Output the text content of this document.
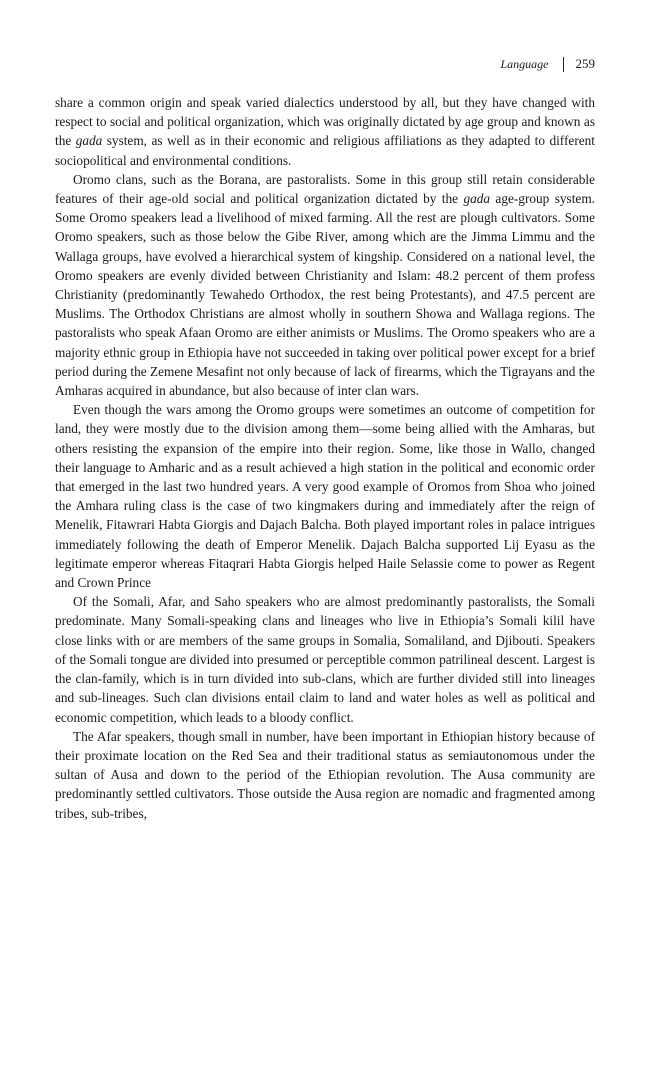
Language 259

share a common origin and speak varied dialectics understood by all, but they have changed with respect to social and political organization, which was originally dictated by age group and known as the gada system, as well as in their economic and religious affiliations as they adapted to different sociopolitical and environmental conditions.

Oromo clans, such as the Borana, are pastoralists. Some in this group still retain considerable features of their age-old social and political organization dictated by the gada age-group system. Some Oromo speakers lead a livelihood of mixed farming. All the rest are plough cultivators. Some Oromo speakers, such as those below the Gibe River, among which are the Jimma Limmu and the Wallaga groups, have evolved a hierarchical system of kingship. Considered on a national level, the Oromo speakers are evenly divided between Christianity and Islam: 48.2 percent of them profess Christianity (predominantly Tewahedo Orthodox, the rest being Protestants), and 47.5 percent are Muslims. The Orthodox Christians are almost wholly in southern Showa and Wallaga regions. The pastoralists who speak Afaan Oromo are either animists or Muslims. The Oromo speakers who are a majority ethnic group in Ethiopia have not succeeded in taking over political power except for a brief period during the Zemene Mesafint not only because of lack of firearms, which the Tigrayans and the Amharas acquired in abundance, but also because of inter clan wars.

Even though the wars among the Oromo groups were sometimes an outcome of competition for land, they were mostly due to the division among them—some being allied with the Amharas, but others resisting the expansion of the empire into their region. Some, like those in Wallo, changed their language to Amharic and as a result achieved a high station in the political and economic order that emerged in the last two hundred years. A very good example of Oromos from Shoa who joined the Amhara ruling class is the case of two kingmakers during and immediately after the reign of Menelik, Fitawrari Habta Giorgis and Dajach Balcha. Both played important roles in palace intrigues immediately following the death of Emperor Menelik. Dajach Balcha supported Lij Eyasu as the legitimate emperor whereas Fitaqrari Habta Giorgis helped Haile Selassie come to power as Regent and Crown Prince

Of the Somali, Afar, and Saho speakers who are almost predominantly pastoralists, the Somali predominate. Many Somali-speaking clans and lineages who live in Ethiopia’s Somali kilil have close links with or are members of the same groups in Somalia, Somaliland, and Djibouti. Speakers of the Somali tongue are divided into presumed or perceptible common patrilineal descent. Largest is the clan-family, which is in turn divided into sub-clans, which are further divided still into lineages and sub-lineages. Such clan divisions entail claim to land and water holes as well as political and economic competition, which leads to a bloody conflict.

The Afar speakers, though small in number, have been important in Ethiopian history because of their proximate location on the Red Sea and their traditional status as semiautonomous under the sultan of Ausa and down to the period of the Ethiopian revolution. The Ausa community are predominantly settled cultivators. Those outside the Ausa region are nomadic and fragmented among tribes, sub-tribes,
